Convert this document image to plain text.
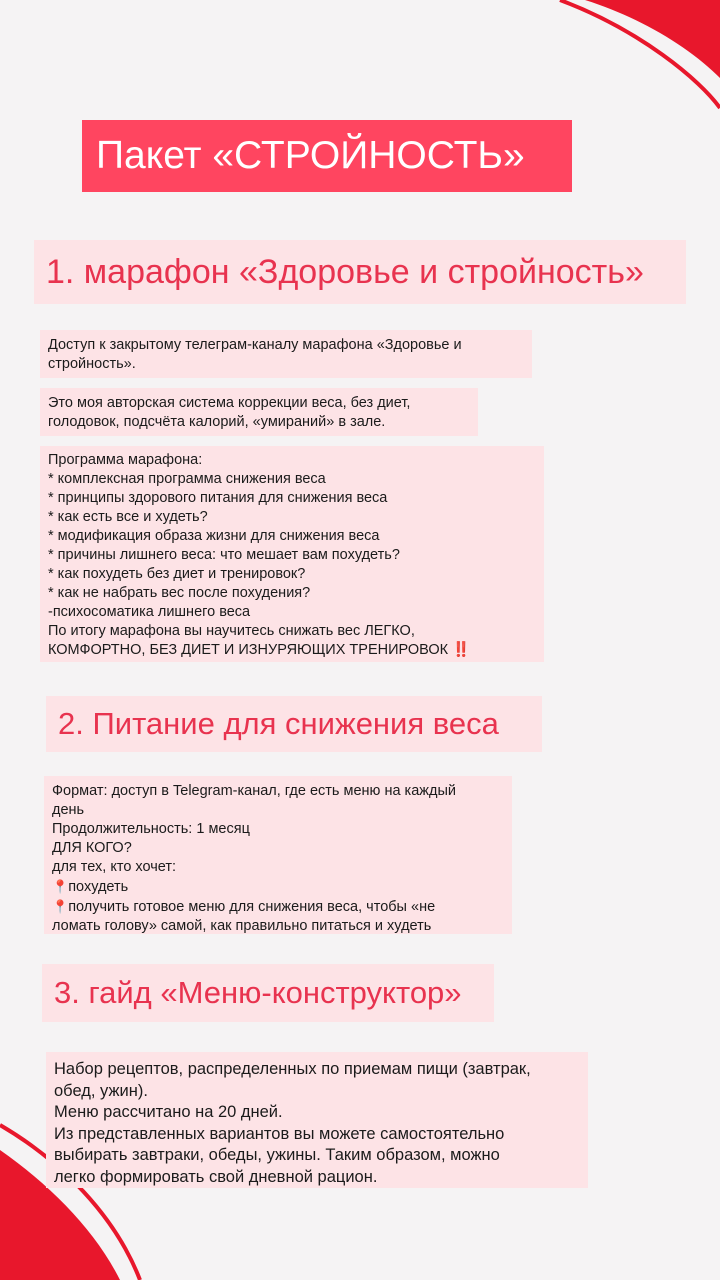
Пакет «СТРОЙНОСТЬ»
1. марафон «Здоровье и стройность»
Доступ к закрытому телеграм-каналу марафона «Здоровье и
стройность».
Это моя авторская система коррекции веса, без диет,
голодовок, подсчёта калорий, «умираний» в зале.
Программа марафона:
* комплексная программа снижения веса
* принципы здорового питания для снижения веса
* как есть все и худеть?
* модификация образа жизни для снижения веса
* причины лишнего веса: что мешает вам похудеть?
* как похудеть без диет и тренировок?
* как не набрать вес после похудения?
-психосоматика лишнего веса
По итогу марафона вы научитесь снижать вес ЛЕГКО,
КОМФОРТНО, БЕЗ ДИЕТ И ИЗНУРЯЮЩИХ ТРЕНИРОВОК ‼️
2. Питание для снижения веса
Формат: доступ в Telegram-канал, где есть меню на каждый
день
Продолжительность: 1 месяц
ДЛЯ КОГО?
для тех, кто хочет:
📍похудеть
📍получить готовое меню для снижения веса, чтобы «не
ломать голову» самой, как правильно питаться и худеть
3. гайд «Меню-конструктор»
Набор рецептов, распределенных по приемам пищи (завтрак,
обед, ужин).
Меню рассчитано на 20 дней.
Из представленных вариантов вы можете самостоятельно
выбирать завтраки, обеды, ужины. Таким образом, можно
легко формировать свой дневной рацион.
